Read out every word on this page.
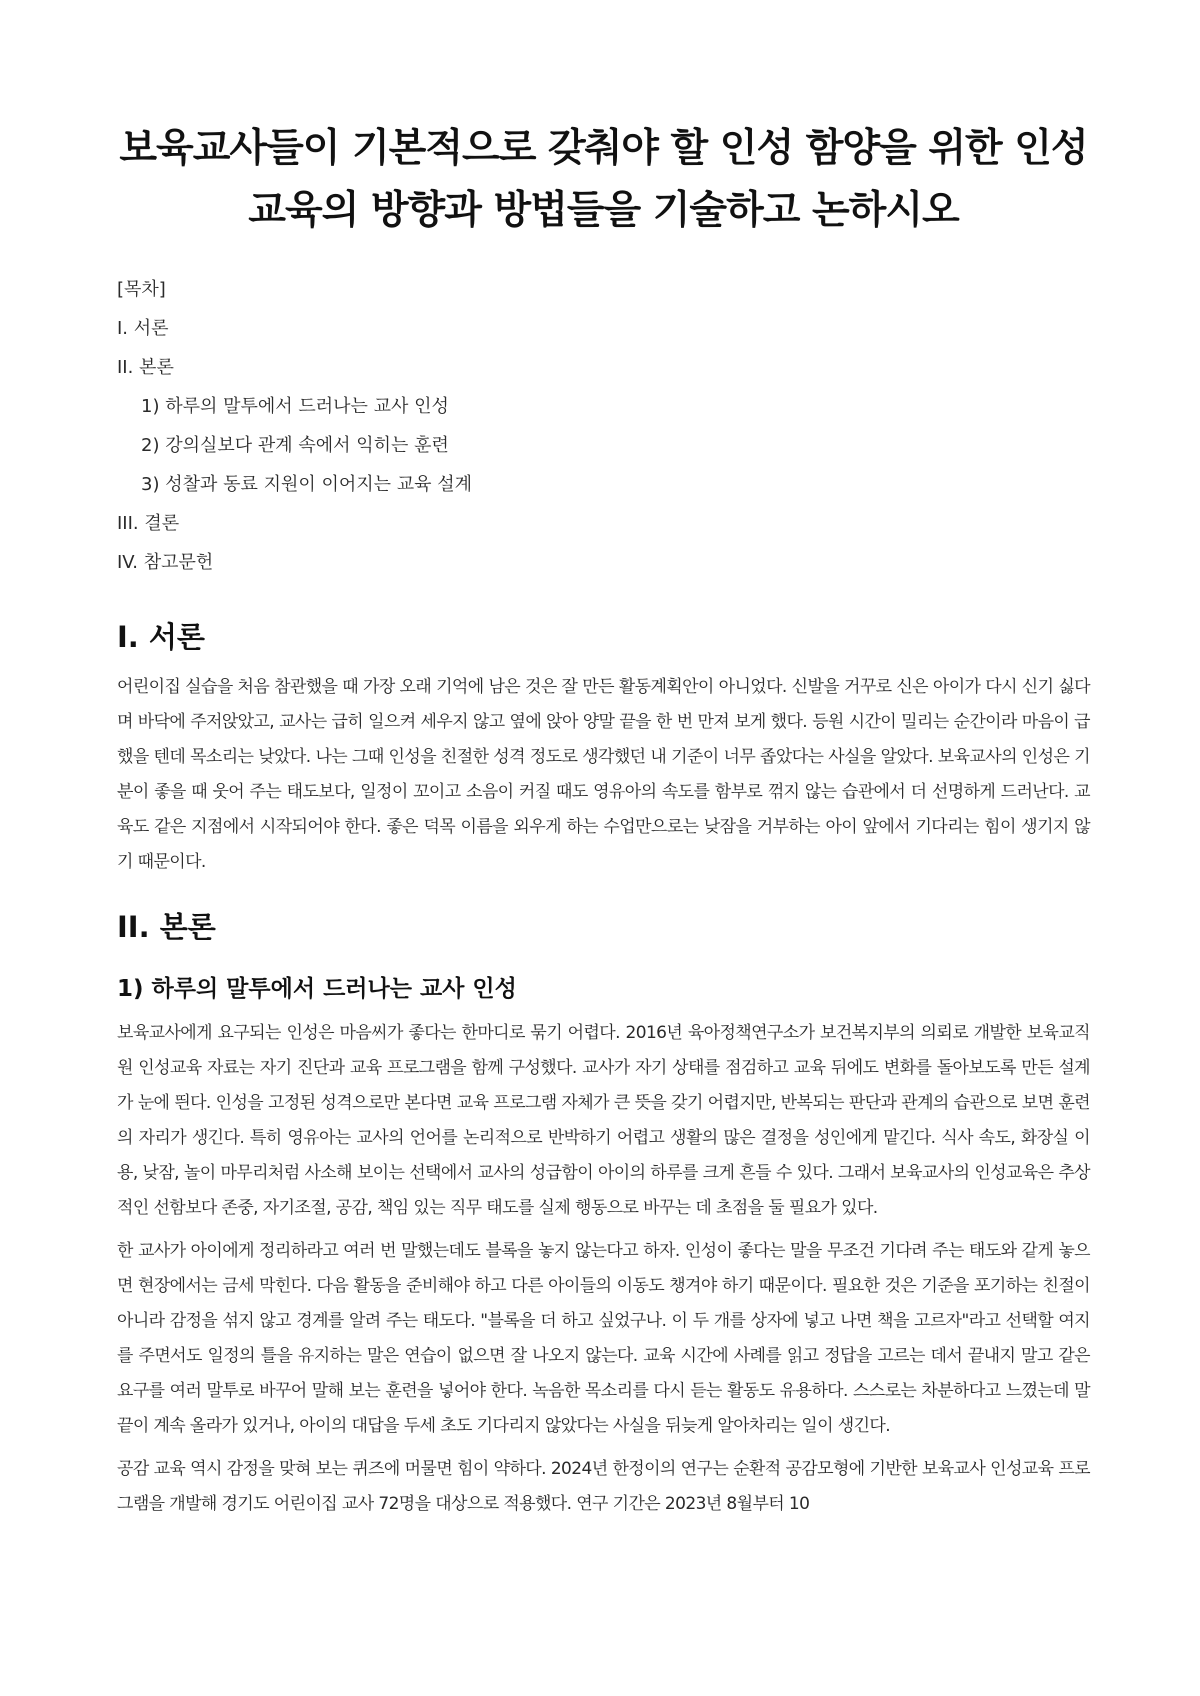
보육교사들이 기본적으로 갖춰야 할 인성 함양을 위한 인성교육의 방향과 방법들을 기술하고 논하시오
[목차]
I. 서론
II. 본론
1) 하루의 말투에서 드러나는 교사 인성
2) 강의실보다 관계 속에서 익히는 훈련
3) 성찰과 동료 지원이 이어지는 교육 설계
III. 결론
IV. 참고문헌
I. 서론

어린이집 실습을 처음 참관했을 때 가장 오래 기억에 남은 것은 잘 만든 활동계획안이 아니었다. 신발을 거꾸로 신은 아이가 다시 신기 싫다며 바닥에 주저앉았고, 교사는 급히 일으켜 세우지 않고 옆에 앉아 양말 끝을 한 번 만져 보게 했다. 등원 시간이 밀리는 순간이라 마음이 급했을 텐데 목소리는 낮았다. 나는 그때 인성을 친절한 성격 정도로 생각했던 내 기준이 너무 좁았다는 사실을 알았다. 보육교사의 인성은 기분이 좋을 때 웃어 주는 태도보다, 일정이 꼬이고 소음이 커질 때도 영유아의 속도를 함부로 꺾지 않는 습관에서 더 선명하게 드러난다. 교육도 같은 지점에서 시작되어야 한다. 좋은 덕목 이름을 외우게 하는 수업만으로는 낮잠을 거부하는 아이 앞에서 기다리는 힘이 생기지 않기 때문이다.

II. 본론
1) 하루의 말투에서 드러나는 교사 인성

보육교사에게 요구되는 인성은 마음씨가 좋다는 한마디로 묶기 어렵다. 2016년 육아정책연구소가 보건복지부의 의뢰로 개발한 보육교직원 인성교육 자료는 자기 진단과 교육 프로그램을 함께 구성했다. 교사가 자기 상태를 점검하고 교육 뒤에도 변화를 돌아보도록 만든 설계가 눈에 띈다. 인성을 고정된 성격으로만 본다면 교육 프로그램 자체가 큰 뜻을 갖기 어렵지만, 반복되는 판단과 관계의 습관으로 보면 훈련의 자리가 생긴다. 특히 영유아는 교사의 언어를 논리적으로 반박하기 어렵고 생활의 많은 결정을 성인에게 맡긴다. 식사 속도, 화장실 이용, 낮잠, 놀이 마무리처럼 사소해 보이는 선택에서 교사의 성급함이 아이의 하루를 크게 흔들 수 있다. 그래서 보육교사의 인성교육은 추상적인 선함보다 존중, 자기조절, 공감, 책임 있는 직무 태도를 실제 행동으로 바꾸는 데 초점을 둘 필요가 있다.

한 교사가 아이에게 정리하라고 여러 번 말했는데도 블록을 놓지 않는다고 하자. 인성이 좋다는 말을 무조건 기다려 주는 태도와 같게 놓으면 현장에서는 금세 막힌다. 다음 활동을 준비해야 하고 다른 아이들의 이동도 챙겨야 하기 때문이다. 필요한 것은 기준을 포기하는 친절이 아니라 감정을 섞지 않고 경계를 알려 주는 태도다. "블록을 더 하고 싶었구나. 이 두 개를 상자에 넣고 나면 책을 고르자"라고 선택할 여지를 주면서도 일정의 틀을 유지하는 말은 연습이 없으면 잘 나오지 않는다. 교육 시간에 사례를 읽고 정답을 고르는 데서 끝내지 말고 같은 요구를 여러 말투로 바꾸어 말해 보는 훈련을 넣어야 한다. 녹음한 목소리를 다시 듣는 활동도 유용하다. 스스로는 차분하다고 느꼈는데 말끝이 계속 올라가 있거나, 아이의 대답을 두세 초도 기다리지 않았다는 사실을 뒤늦게 알아차리는 일이 생긴다.

공감 교육 역시 감정을 맞혀 보는 퀴즈에 머물면 힘이 약하다. 2024년 한정이의 연구는 순환적 공감모형에 기반한 보육교사 인성교육 프로그램을 개발해 경기도 어린이집 교사 72명을 대상으로 적용했다. 연구 기간은 2023년 8월부터 10
